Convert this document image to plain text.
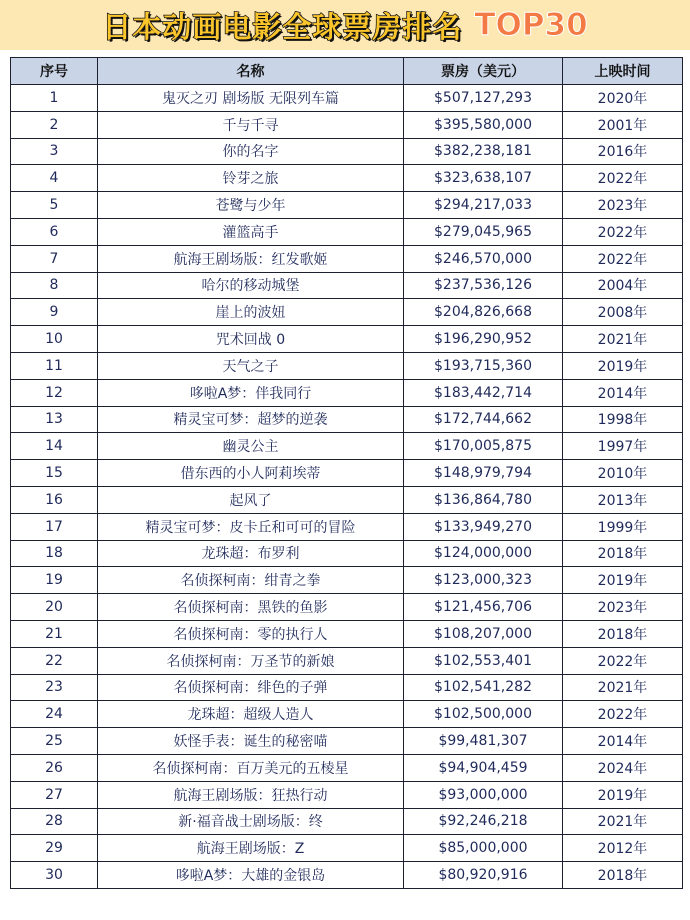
日本动画电影全球票房排名 TOP30
序号	名称	票房（美元）	上映时间
1	鬼灭之刃 剧场版 无限列车篇	$507,127,293	2020年
2	千与千寻	$395,580,000	2001年
3	你的名字	$382,238,181	2016年
4	铃芽之旅	$323,638,107	2022年
5	苍鹭与少年	$294,217,033	2023年
6	灌篮高手	$279,045,965	2022年
7	航海王剧场版：红发歌姬	$246,570,000	2022年
8	哈尔的移动城堡	$237,536,126	2004年
9	崖上的波妞	$204,826,668	2008年
10	咒术回战 0	$196,290,952	2021年
11	天气之子	$193,715,360	2019年
12	哆啦A梦：伴我同行	$183,442,714	2014年
13	精灵宝可梦：超梦的逆袭	$172,744,662	1998年
14	幽灵公主	$170,005,875	1997年
15	借东西的小人阿莉埃蒂	$148,979,794	2010年
16	起风了	$136,864,780	2013年
17	精灵宝可梦：皮卡丘和可可的冒险	$133,949,270	1999年
18	龙珠超：布罗利	$124,000,000	2018年
19	名侦探柯南：绀青之拳	$123,000,323	2019年
20	名侦探柯南：黑铁的鱼影	$121,456,706	2023年
21	名侦探柯南：零的执行人	$108,207,000	2018年
22	名侦探柯南：万圣节的新娘	$102,553,401	2022年
23	名侦探柯南：绯色的子弹	$102,541,282	2021年
24	龙珠超：超级人造人	$102,500,000	2022年
25	妖怪手表：诞生的秘密喵	$99,481,307	2014年
26	名侦探柯南：百万美元的五棱星	$94,904,459	2024年
27	航海王剧场版：狂热行动	$93,000,000	2019年
28	新·福音战士剧场版：终	$92,246,218	2021年
29	航海王剧场版：Z	$85,000,000	2012年
30	哆啦A梦：大雄的金银岛	$80,920,916	2018年
